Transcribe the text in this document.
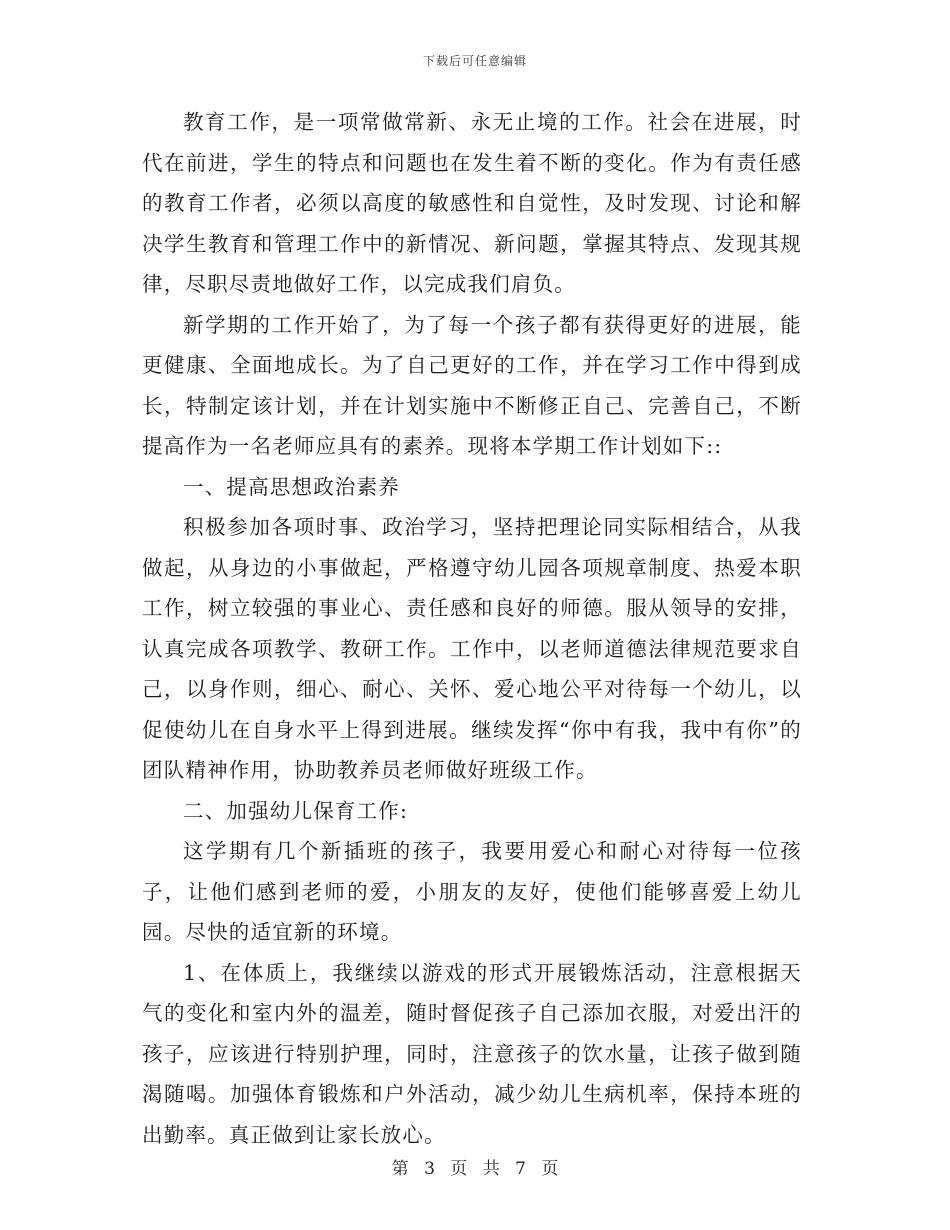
下载后可任意编辑

教育工作，是一项常做常新、永无止境的工作。社会在进展，时代在前进，学生的特点和问题也在发生着不断的变化。作为有责任感的教育工作者，必须以高度的敏感性和自觉性，及时发现、讨论和解决学生教育和管理工作中的新情况、新问题，掌握其特点、发现其规律，尽职尽责地做好工作，以完成我们肩负。

新学期的工作开始了，为了每一个孩子都有获得更好的进展，能更健康、全面地成长。为了自己更好的工作，并在学习工作中得到成长，特制定该计划，并在计划实施中不断修正自己、完善自己，不断提高作为一名老师应具有的素养。现将本学期工作计划如下::

一、提高思想政治素养

积极参加各项时事、政治学习，坚持把理论同实际相结合，从我做起，从身边的小事做起，严格遵守幼儿园各项规章制度、热爱本职工作，树立较强的事业心、责任感和良好的师德。服从领导的安排，认真完成各项教学、教研工作。工作中，以老师道德法律规范要求自己，以身作则，细心、耐心、关怀、爱心地公平对待每一个幼儿，以促使幼儿在自身水平上得到进展。继续发挥“你中有我，我中有你”的团队精神作用，协助教养员老师做好班级工作。

二、加强幼儿保育工作:

这学期有几个新插班的孩子，我要用爱心和耐心对待每一位孩子，让他们感到老师的爱，小朋友的友好，使他们能够喜爱上幼儿园。尽快的适宜新的环境。

1、在体质上，我继续以游戏的形式开展锻炼活动，注意根据天气的变化和室内外的温差，随时督促孩子自己添加衣服，对爱出汗的孩子，应该进行特别护理，同时，注意孩子的饮水量，让孩子做到随渴随喝。加强体育锻炼和户外活动，减少幼儿生病机率，保持本班的出勤率。真正做到让家长放心。

第 3 页 共 7 页
